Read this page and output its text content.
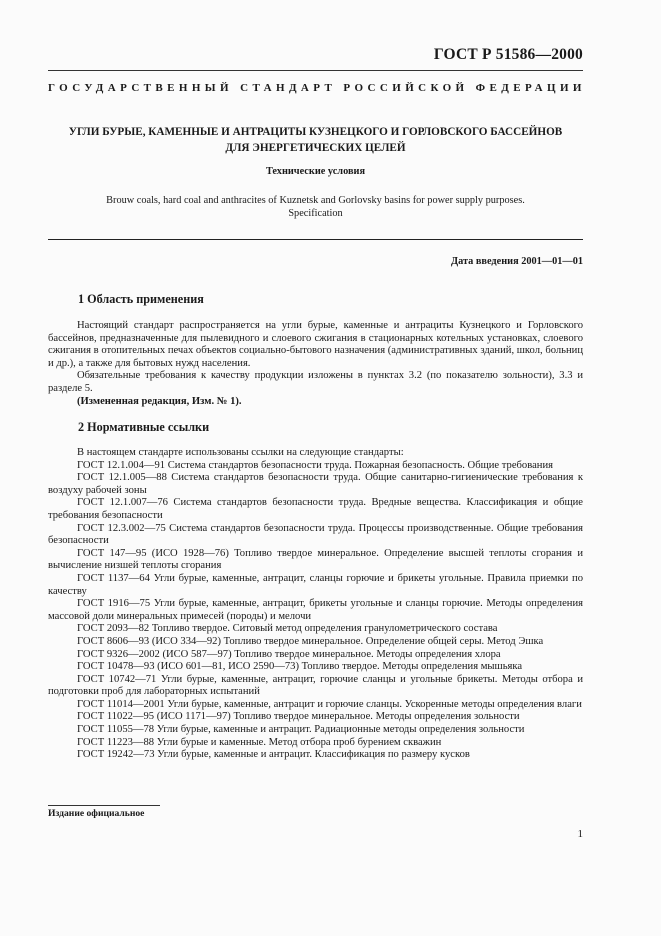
ГОСТ Р 51586—2000
ГОСУДАРСТВЕННЫЙ СТАНДАРТ РОССИЙСКОЙ ФЕДЕРАЦИИ
УГЛИ БУРЫЕ, КАМЕННЫЕ И АНТРАЦИТЫ КУЗНЕЦКОГО И ГОРЛОВСКОГО БАССЕЙНОВ
ДЛЯ ЭНЕРГЕТИЧЕСКИХ ЦЕЛЕЙ
Технические условия
Brouw coals, hard coal and anthracites of Kuznetsk and Gorlovsky basins for power supply purposes.
Specification
Дата введения 2001—01—01
1 Область применения

Настоящий стандарт распространяется на угли бурые, каменные и антрациты Кузнецкого и Горловского бассейнов, предназначенные для пылевидного и слоевого сжигания в стационарных котельных установках, слоевого сжигания в отопительных печах объектов социально-бытового назначения (административных зданий, школ, больниц и др.), а также для бытовых нужд населения.

Обязательные требования к качеству продукции изложены в пунктах 3.2 (по показателю зольности), 3.3 и разделе 5.

(Измененная редакция, Изм. № 1).

2 Нормативные ссылки

В настоящем стандарте использованы ссылки на следующие стандарты:

ГОСТ 12.1.004—91 Система стандартов безопасности труда. Пожарная безопасность. Общие требования

ГОСТ 12.1.005—88 Система стандартов безопасности труда. Общие санитарно-гигиенические требования к воздуху рабочей зоны

ГОСТ 12.1.007—76 Система стандартов безопасности труда. Вредные вещества. Классификация и общие требования безопасности

ГОСТ 12.3.002—75 Система стандартов безопасности труда. Процессы производственные. Общие требования безопасности

ГОСТ 147—95 (ИСО 1928—76) Топливо твердое минеральное. Определение высшей теплоты сгорания и вычисление низшей теплоты сгорания

ГОСТ 1137—64 Угли бурые, каменные, антрацит, сланцы горючие и брикеты угольные. Правила приемки по качеству

ГОСТ 1916—75 Угли бурые, каменные, антрацит, брикеты угольные и сланцы горючие. Методы определения массовой доли минеральных примесей (породы) и мелочи

ГОСТ 2093—82 Топливо твердое. Ситовый метод определения гранулометрического состава

ГОСТ 8606—93 (ИСО 334—92) Топливо твердое минеральное. Определение общей серы. Метод Эшка

ГОСТ 9326—2002 (ИСО 587—97) Топливо твердое минеральное. Методы определения хлора

ГОСТ 10478—93 (ИСО 601—81, ИСО 2590—73) Топливо твердое. Методы определения мышьяка

ГОСТ 10742—71 Угли бурые, каменные, антрацит, горючие сланцы и угольные брикеты. Методы отбора и подготовки проб для лабораторных испытаний

ГОСТ 11014—2001 Угли бурые, каменные, антрацит и горючие сланцы. Ускоренные методы определения влаги

ГОСТ 11022—95 (ИСО 1171—97) Топливо твердое минеральное. Методы определения зольности

ГОСТ 11055—78 Угли бурые, каменные и антрацит. Радиационные методы определения зольности

ГОСТ 11223—88 Угли бурые и каменные. Метод отбора проб бурением скважин

ГОСТ 19242—73 Угли бурые, каменные и антрацит. Классификация по размеру кусков

Издание официальное
1
